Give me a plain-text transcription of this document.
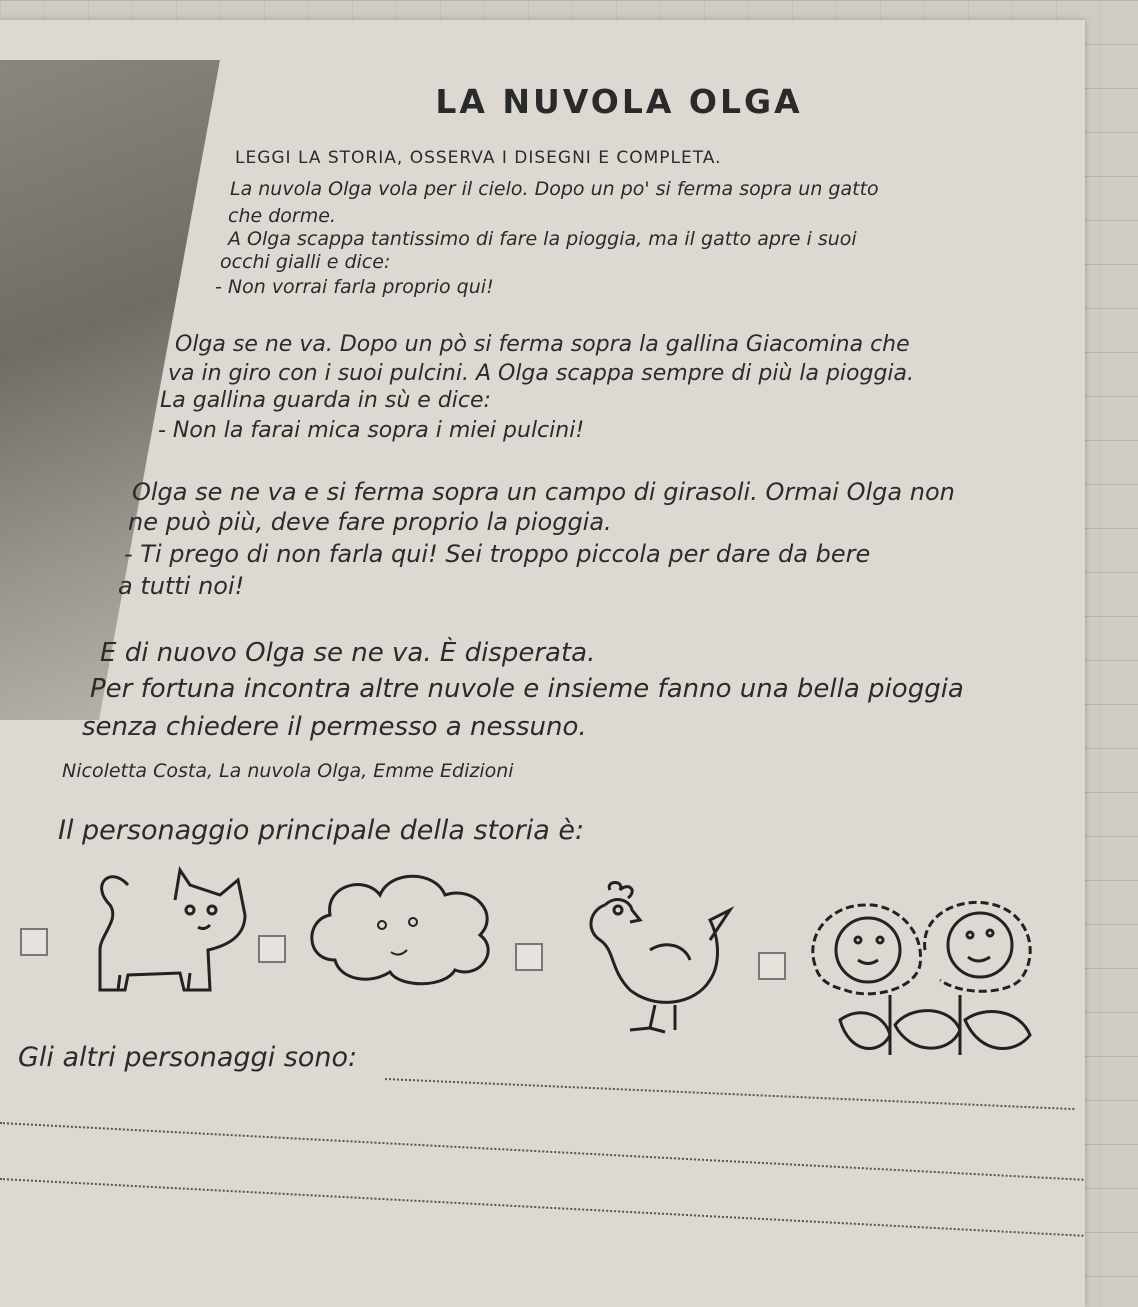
LA NUVOLA OLGA
LEGGI LA STORIA, OSSERVA I DISEGNI E COMPLETA.
La nuvola Olga vola per il cielo. Dopo un po' si ferma sopra un gatto
che dorme.
A Olga scappa tantissimo di fare la pioggia, ma il gatto apre i suoi
occhi gialli e dice:
- Non vorrai farla proprio qui!
Olga se ne va. Dopo un pò si ferma sopra la gallina Giacomina che
va in giro con i suoi pulcini. A Olga scappa sempre di più la pioggia.
La gallina guarda in sù e dice:
- Non la farai mica sopra i miei pulcini!
Olga se ne va e si ferma sopra un campo di girasoli. Ormai Olga non
ne può più, deve fare proprio la pioggia.
- Ti prego di non farla qui! Sei troppo piccola per dare da bere
a tutti noi!
E di nuovo Olga se ne va. È disperata.
Per fortuna incontra altre nuvole e insieme fanno una bella pioggia
senza chiedere il permesso a nessuno.
Nicoletta Costa, La nuvola Olga, Emme Edizioni
Il personaggio principale della storia è:
Gli altri personaggi sono:
